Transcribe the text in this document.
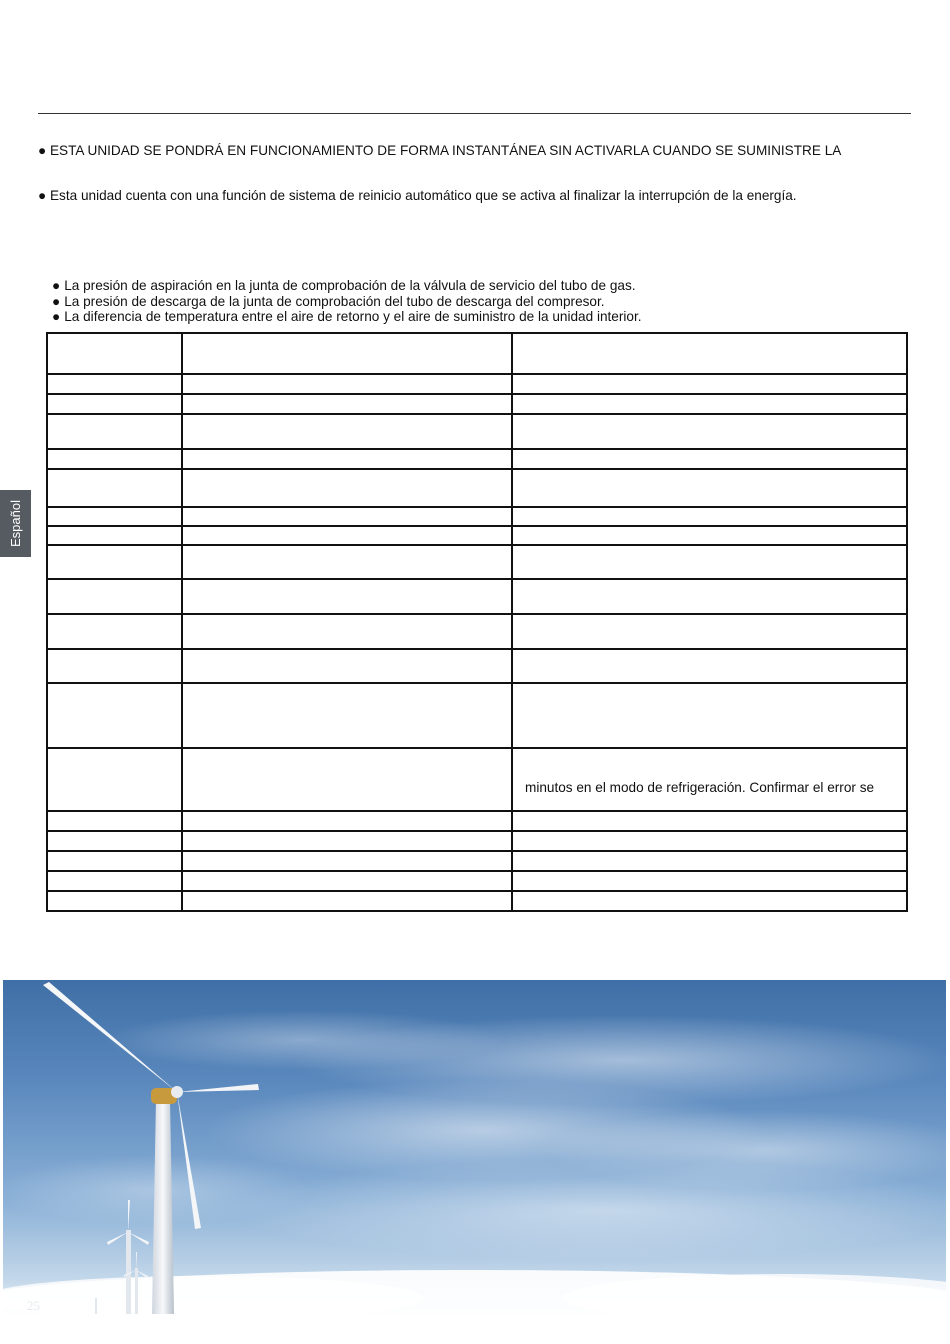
● ESTA UNIDAD SE PONDRÁ EN FUNCIONAMIENTO DE FORMA INSTANTÁNEA SIN ACTIVARLA CUANDO SE SUMINISTRE LA
● Esta unidad cuenta con una función de sistema de reinicio automático que se activa al finalizar la interrupción de la energía.
● La presión de aspiración en la junta de comprobación de la válvula de servicio del tubo de gas.
● La presión de descarga de la junta de comprobación del tubo de descarga del compresor.
● La diferencia de temperatura entre el aire de retorno y el aire de suministro de la unidad interior.

		minutos en el modo de refrigeración. Confirmar el error se

Español
25
